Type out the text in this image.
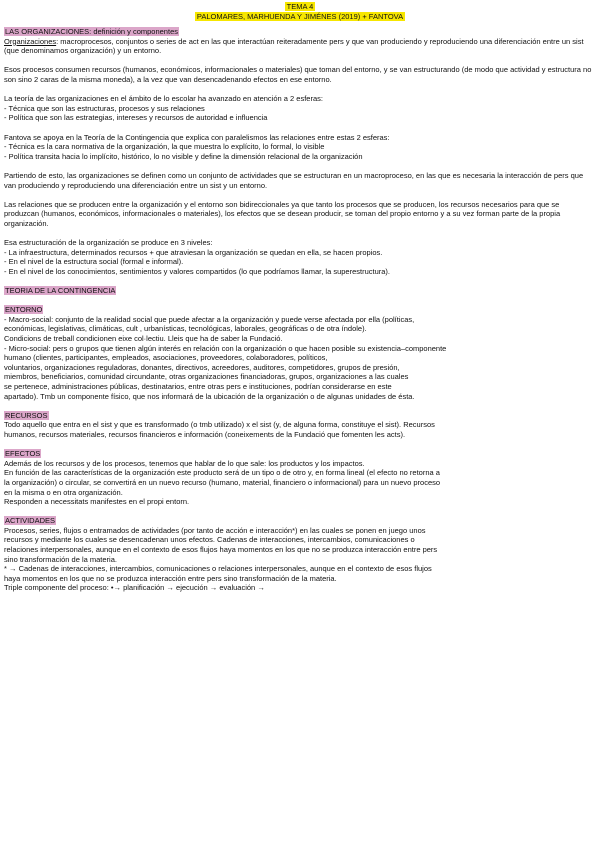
TEMA 4
PALOMARES, MARHUENDA Y JIMÉNES (2019) + FANTOVA

LAS ORGANIZACIONES: definición y componentes

Organizaciones: macroprocesos, conjuntos o series de act en las que interactúan reiteradamente pers y que van produciendo y reproduciendo una diferenciación entre un sist (que denominamos organización) y un entorno.

Esos procesos consumen recursos (humanos, económicos, informacionales o materiales) que toman del entorno, y se van estructurando (de modo que actividad y estructura no son sino 2 caras de la misma moneda), a la vez que van desencadenando efectos en ese entorno.

La teoría de las organizaciones en el ámbito de lo escolar ha avanzado en atención a 2 esferas:

- Técnica que son las estructuras, procesos y sus relaciones

- Política que son las estrategias, intereses y recursos de autoridad e influencia

Fantova se apoya en la Teoría de la Contingencia que explica con paralelismos las relaciones entre estas 2 esferas:

- Técnica es la cara normativa de la organización, la que muestra lo explícito, lo formal, lo visible

- Política transita hacia lo implícito, histórico, lo no visible y define la dimensión relacional de la organización

Partiendo de esto, las organizaciones se definen como un conjunto de actividades que se estructuran en un macroproceso, en las que es necesaria la interacción de pers que van produciendo y reproduciendo una diferenciación entre un sist y un entorno.

Las relaciones que se producen entre la organización y el entorno son bidireccionales ya que tanto los procesos que se producen, los recursos necesarios para que se produzcan (humanos, económicos, informacionales o materiales), los efectos que se desean producir, se toman del propio entorno y a su vez forman parte de la propia organización.

Esa estructuración de la organización se produce en 3 niveles:

- La infraestructura, determinados recursos + que atraviesan la organización se quedan en ella, se hacen propios.

- En el nivel de la estructura social (formal e informal).

- En el nivel de los conocimientos, sentimientos y valores compartidos (lo que podríamos llamar, la superestructura).

TEORIA DE LA CONTINGENCIA

ENTORNO

- Macro-social: conjunto de la realidad social que puede afectar a la organización y puede verse afectada por ella (políticas,

económicas, legislativas, climáticas, cult , urbanísticas, tecnológicas, laborales, geográficas o de otra índole).

Condicions de treball condicionen eixe col·lectiu. Lleis que ha de saber la Fundació.

- Micro-social: pers o grupos que tienen algún interés en relación con la organización o que hacen posible su existencia–componente

humano (clientes, participantes, empleados, asociaciones, proveedores, colaboradores, políticos,

voluntarios, organizaciones reguladoras, donantes, directivos, acreedores, auditores, competidores, grupos de presión,

miembros, beneficiarios, comunidad circundante, otras organizaciones financiadoras, grupos, organizaciones a las cuales

se pertenece, administraciones públicas, destinatarios, entre otras pers e instituciones, podrían considerarse en este

apartado). Tmb un componente físico, que nos informará de la ubicación de la organización o de algunas unidades de ésta.

RECURSOS

Todo aquello que entra en el sist y que es transformado (o tmb utilizado) x el sist (y, de alguna forma, constituye el sist). Recursos

humanos, recursos materiales, recursos financieros e información (coneixements de la Fundació que fomenten les acts).

EFECTOS

Además de los recursos y de los procesos, tenemos que hablar de lo que sale: los productos y los impactos.

En función de las características de la organización este producto será de un tipo o de otro y, en forma lineal (el efecto no retorna a

la organización) o circular, se convertirá en un nuevo recurso (humano, material, financiero o informacional) para un nuevo proceso

en la misma o en otra organización.

Responden a necessitats manifestes en el propi entorn.

ACTIVIDADES

Procesos, series, flujos o entramados de actividades (por tanto de acción e interacción*) en las cuales se ponen en juego unos

recursos y mediante los cuales se desencadenan unos efectos. Cadenas de interacciones, intercambios, comunicaciones o

relaciones interpersonales, aunque en el contexto de esos flujos haya momentos en los que no se produzca interacción entre pers

sino transformación de la materia.

* → Cadenas de interacciones, intercambios, comunicaciones o relaciones interpersonales, aunque en el contexto de esos flujos

haya momentos en los que no se produzca interacción entre pers sino transformación de la materia.

Triple componente del proceso: •→ planificación → ejecución → evaluación →
